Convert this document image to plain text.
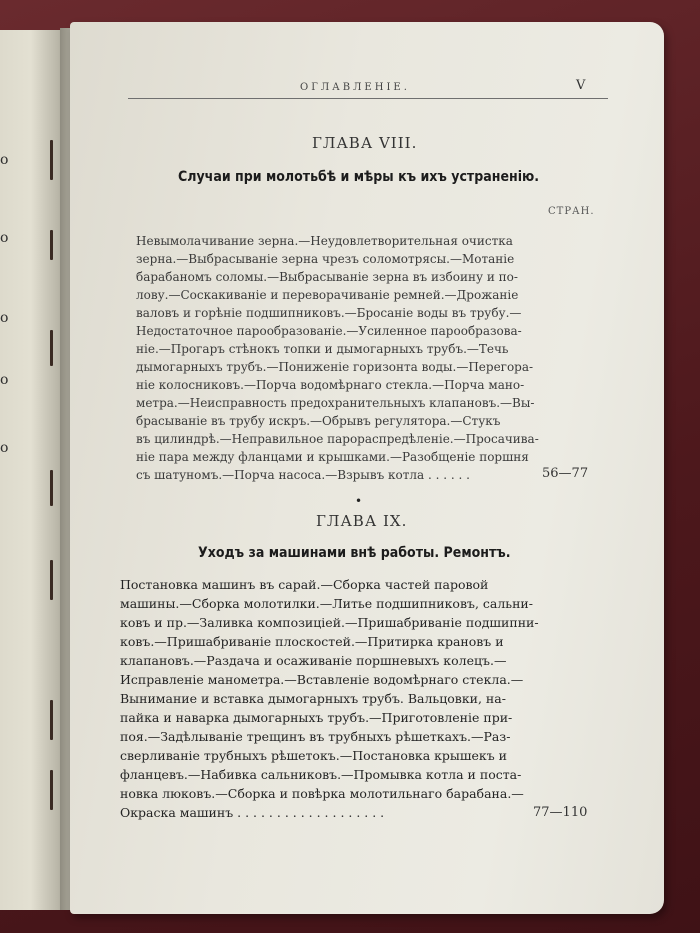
о
о
о
о
о
ОГЛАВЛЕНІЕ.	V
ГЛАВА VIII.
Случаи при молотьбѣ и мѣры къ ихъ устраненію.
СТРАН.
Невымолачивание зерна.—Неудовлетворительная очистка
зерна.—Выбрасываніе зерна чрезъ соломотрясы.—Мотаніе
барабаномъ соломы.—Выбрасываніе зерна въ избоину и по-
лову.—Соскакиваніе и переворачиваніе ремней.—Дрожаніе
валовъ и горѣніе подшипниковъ.—Бросаніе воды въ трубу.—
Недостаточное парообразованіе.—Усиленное парообразова-
ніе.—Прогаръ стѣнокъ топки и дымогарныхъ трубъ.—Течь
дымогарныхъ трубъ.—Пониженіе горизонта воды.—Перегора-
ніе колосниковъ.—Порча водомѣрнаго стекла.—Порча мано-
метра.—Неисправность предохранительныхъ клапановъ.—Вы-
брасываніе въ трубу искръ.—Обрывъ регулятора.—Стукъ
въ цилиндрѣ.—Неправильное парораспредѣленіе.—Просачива-
ніе пара между фланцами и крышками.—Разобщеніе поршня
съ шатуномъ.—Порча насоса.—Взрывъ котла . . . . . .	56—77
•
ГЛАВА IX.
Уходъ за машинами внѣ работы. Ремонтъ.
Постановка машинъ въ сарай.—Сборка частей паровой
машины.—Сборка молотилки.—Литье подшипниковъ, сальни-
ковъ и пр.—Заливка композиціей.—Пришабриваніе подшипни-
ковъ.—Пришабриваніе плоскостей.—Притирка крановъ и
клапановъ.—Раздача и осаживаніе поршневыхъ колецъ.—
Исправленіе манометра.—Вставленіе водомѣрнаго стекла.—
Вынимание и вставка дымогарныхъ трубъ. Вальцовки, на-
пайка и наварка дымогарныхъ трубъ.—Приготовленіе при-
поя.—Задѣлываніе трещинъ въ трубныхъ рѣшеткахъ.—Раз-
сверливаніе трубныхъ рѣшетокъ.—Постановка крышекъ и
фланцевъ.—Набивка сальниковъ.—Промывка котла и поста-
новка люковъ.—Сборка и повѣрка молотильнаго барабана.—
Окраска машинъ . . . . . . . . . . . . . . . . . . .	77—110
